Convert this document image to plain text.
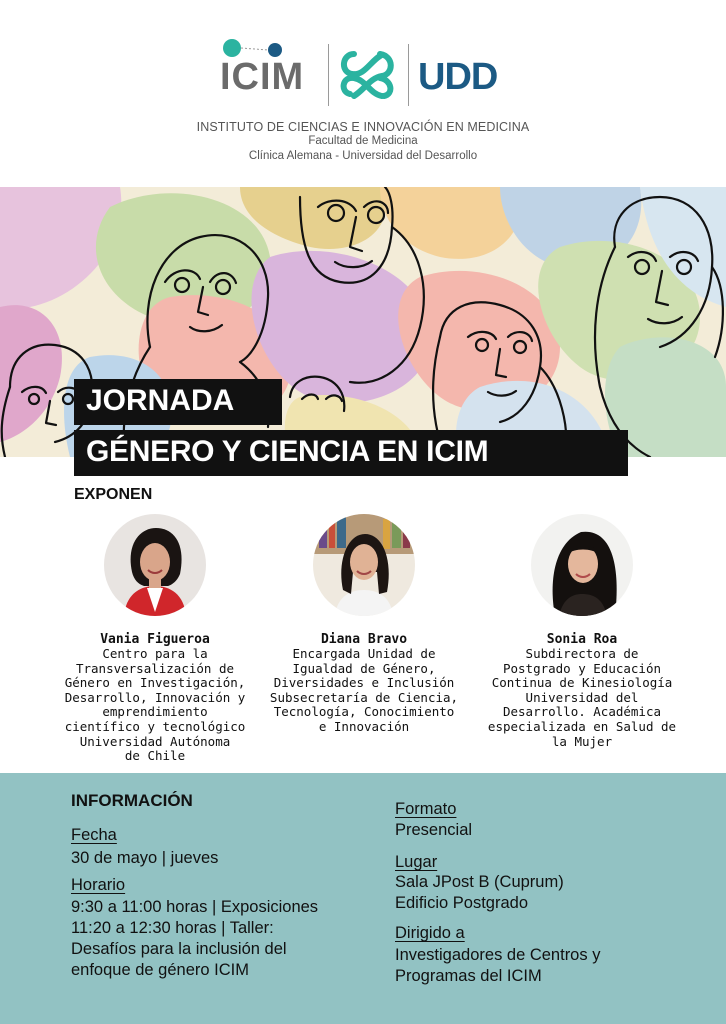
ICIM	UDD
INSTITUTO DE CIENCIAS E INNOVACIÓN EN MEDICINA
Facultad de Medicina
Clínica Alemana - Universidad del Desarrollo
JORNADA
GÉNERO Y CIENCIA EN ICIM
EXPONEN
Vania Figueroa
Centro para la
Transversalización de
Género en Investigación,
Desarrollo, Innovación y
emprendimiento
científico y tecnológico
Universidad Autónoma
de Chile
Diana Bravo
Encargada Unidad de
Igualdad de Género,
Diversidades e Inclusión
Subsecretaría de Ciencia,
Tecnología, Conocimiento
e Innovación
Sonia Roa
Subdirectora de
Postgrado y Educación
Continua de Kinesiología
Universidad del
Desarrollo. Académica
especializada en Salud de
la Mujer
INFORMACIÓN
Fecha
30 de mayo | jueves
Horario
9:30 a 11:00 horas | Exposiciones
11:20 a 12:30 horas | Taller:
Desafíos para la inclusión del
enfoque de género ICIM
Formato
Presencial
Lugar
Sala JPost B (Cuprum)
Edificio Postgrado
Dirigido a
Investigadores de Centros y
Programas del ICIM
